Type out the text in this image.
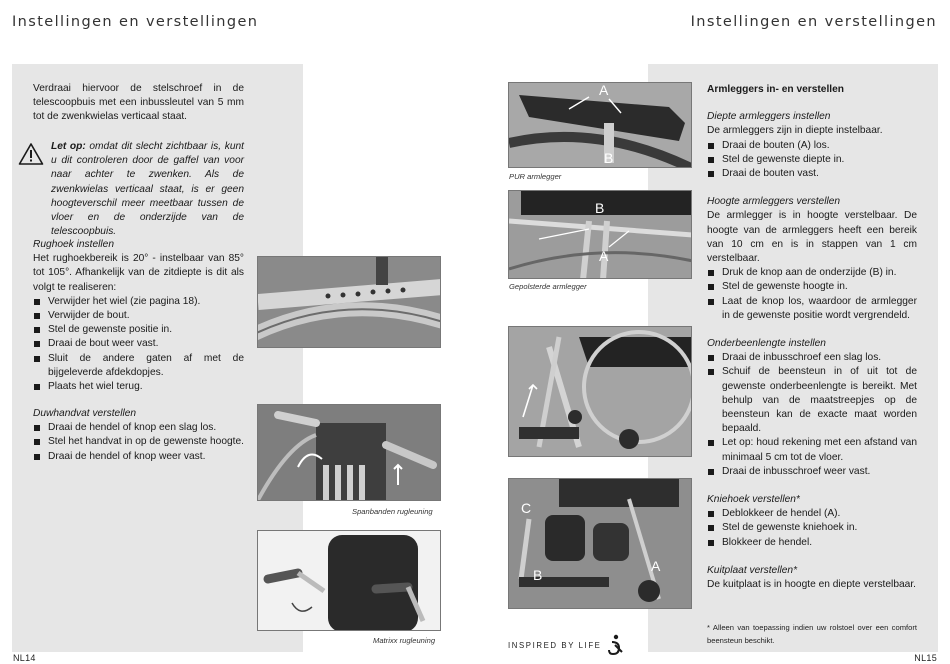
Instellingen en verstellingen	Instellingen en verstellingen
Verdraai hiervoor de stelschroef in de telescoopbuis met een inbussleutel van 5 mm tot de zwenkwielas verticaal staat.
Let op: omdat dit slecht zichtbaar is, kunt u dit controleren door de gaffel van voor naar achter te zwenken. Als de zwenkwielas verticaal staat, is er geen hoogteverschil meer meetbaar tussen de vloer en de onderzijde van de telescoopbuis.
Rughoek instellen
Het rughoekbereik is 20° - instelbaar van 85° tot 105°. Afhankelijk van de zitdiepte is dit als volgt te realiseren:
Verwijder het wiel (zie pagina 18).
Verwijder de bout.
Stel de gewenste positie in.
Draai de bout weer vast.
Sluit de andere gaten af met de bijgeleverde afdekdopjes.
Plaats het wiel terug.
Duwhandvat verstellen
Draai de hendel of knop een slag los.
Stel het handvat in op de gewenste hoogte.
Draai de hendel of knop weer vast.
Spanbanden rugleuning
Matrixx rugleuning
NL14
A
B
PUR armlegger
B
A
Gepolsterde armlegger
C
B
A
INSPIRED BY LIFE
Armleggers in- en verstellen
Diepte armleggers instellen
De armleggers zijn in diepte instelbaar.
Draai de bouten (A) los.
Stel de gewenste diepte in.
Draai de bouten vast.
Hoogte armleggers verstellen
De armlegger is in hoogte verstelbaar. De hoogte van de armleggers heeft een bereik van 10 cm en is in stappen van 1 cm verstelbaar.
Druk de knop aan de onderzijde (B) in.
Stel de gewenste hoogte in.
Laat de knop los, waardoor de armlegger in de gewenste positie wordt vergrendeld.
Onderbeenlengte instellen
Draai de inbusschroef een slag los.
Schuif de beensteun in of uit tot de gewenste onderbeenlengte is bereikt. Met behulp van de maatstreepjes op de beensteun kan de exacte maat worden bepaald.
Let op: houd rekening met een afstand van minimaal 5 cm tot de vloer.
Draai de inbusschroef weer vast.
Kniehoek verstellen*
Deblokkeer de hendel (A).
Stel de gewenste kniehoek in.
Blokkeer de hendel.
Kuitplaat verstellen*
De kuitplaat is in hoogte en diepte verstelbaar.
* Alleen van toepassing indien uw rolstoel over een comfort beensteun beschikt.
NL15
